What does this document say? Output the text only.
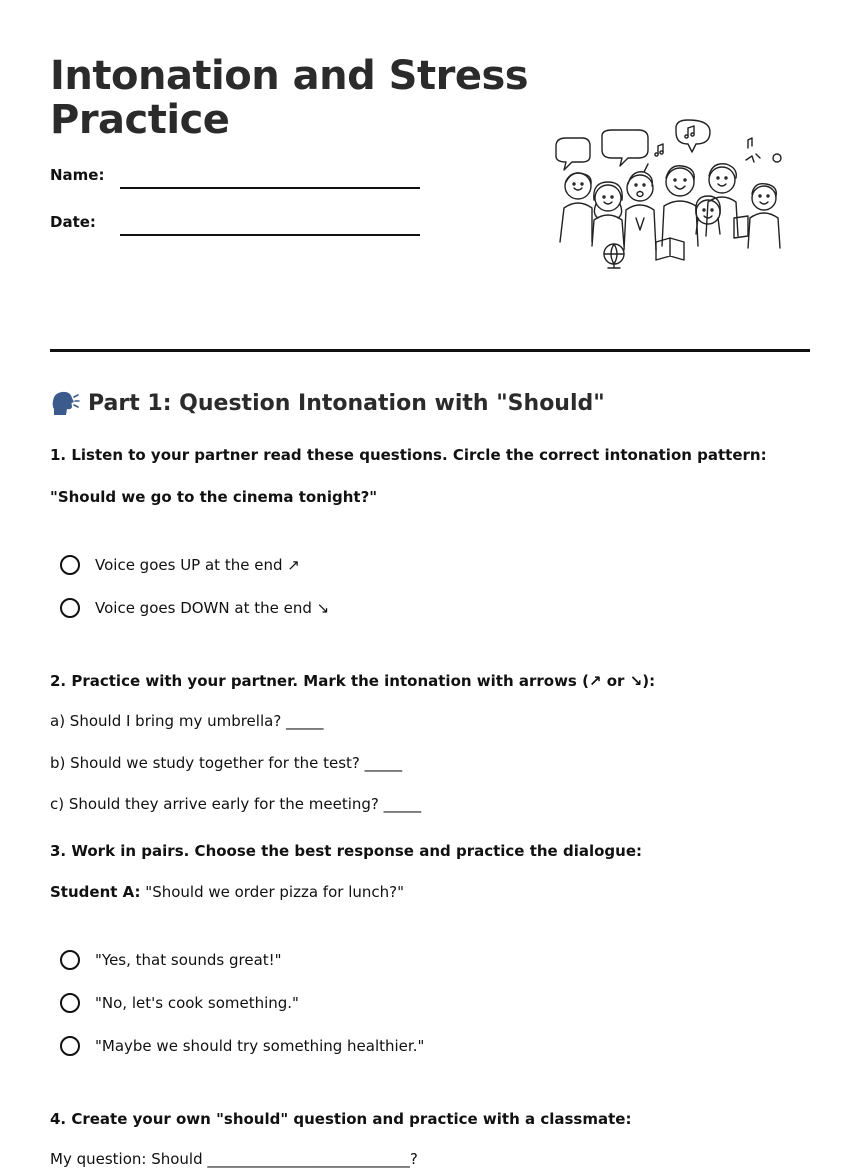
Intonation and Stress
Practice
Name:
Date:
Part 1: Question Intonation with "Should"
1. Listen to your partner read these questions. Circle the correct intonation pattern:
"Should we go to the cinema tonight?"
Voice goes UP at the end ↗
Voice goes DOWN at the end ↘
2. Practice with your partner. Mark the intonation with arrows (↗ or ↘):
a) Should I bring my umbrella? _____
b) Should we study together for the test? _____
c) Should they arrive early for the meeting? _____
3. Work in pairs. Choose the best response and practice the dialogue:
Student A: "Should we order pizza for lunch?"
"Yes, that sounds great!"
"No, let's cook something."
"Maybe we should try something healthier."
4. Create your own "should" question and practice with a classmate:
My question: Should ___________________________?
